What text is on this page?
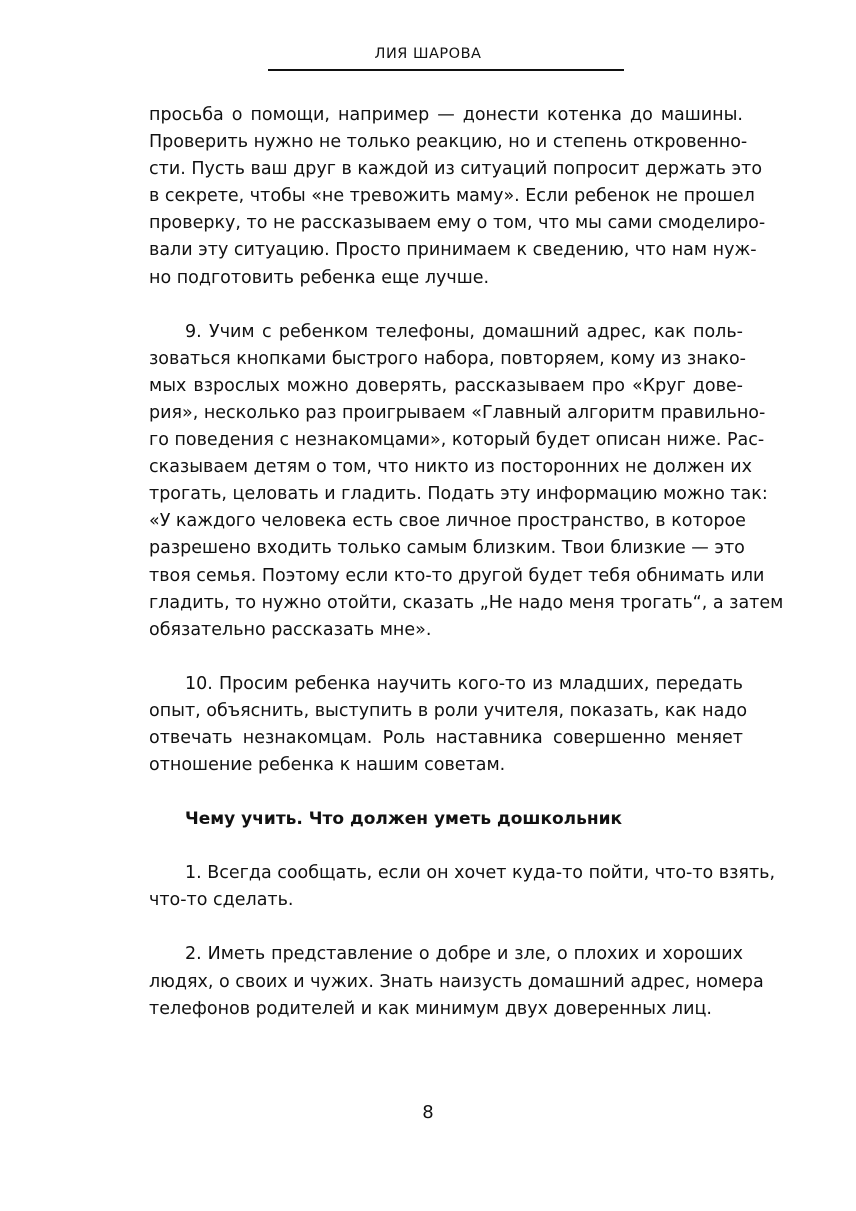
ЛИЯ ШАРОВА

просьба о помощи, например — донести котенка до машины.
Проверить нужно не только реакцию, но и степень откровенно-
сти. Пусть ваш друг в каждой из ситуаций попросит держать это
в секрете, чтобы «не тревожить маму». Если ребенок не прошел
проверку, то не рассказываем ему о том, что мы сами смоделиро-
вали эту ситуацию. Просто принимаем к сведению, что нам нуж-
но подготовить ребенка еще лучше.

9. Учим с ребенком телефоны, домашний адрес, как поль-
зоваться кнопками быстрого набора, повторяем, кому из знако-
мых взрослых можно доверять, рассказываем про «Круг дове-
рия», несколько раз проигрываем «Главный алгоритм правильно-
го поведения с незнакомцами», который будет описан ниже. Рас-
сказываем детям о том, что никто из посторонних не должен их
трогать, целовать и гладить. Подать эту информацию можно так:
«У каждого человека есть свое личное пространство, в которое
разрешено входить только самым близким. Твои близкие — это
твоя семья. Поэтому если кто-то другой будет тебя обнимать или
гладить, то нужно отойти, сказать „Не надо меня трогать“, а затем
обязательно рассказать мне».

10. Просим ребенка научить кого-то из младших, передать
опыт, объяснить, выступить в роли учителя, показать, как надо
отвечать незнакомцам. Роль наставника совершенно меняет
отношение ребенка к нашим советам.

Чему учить. Что должен уметь дошкольник

1. Всегда сообщать, если он хочет куда-то пойти, что-то взять,
что-то сделать.

2. Иметь представление о добре и зле, о плохих и хороших
людях, о своих и чужих. Знать наизусть домашний адрес, номера
телефонов родителей и как минимум двух доверенных лиц.

8
